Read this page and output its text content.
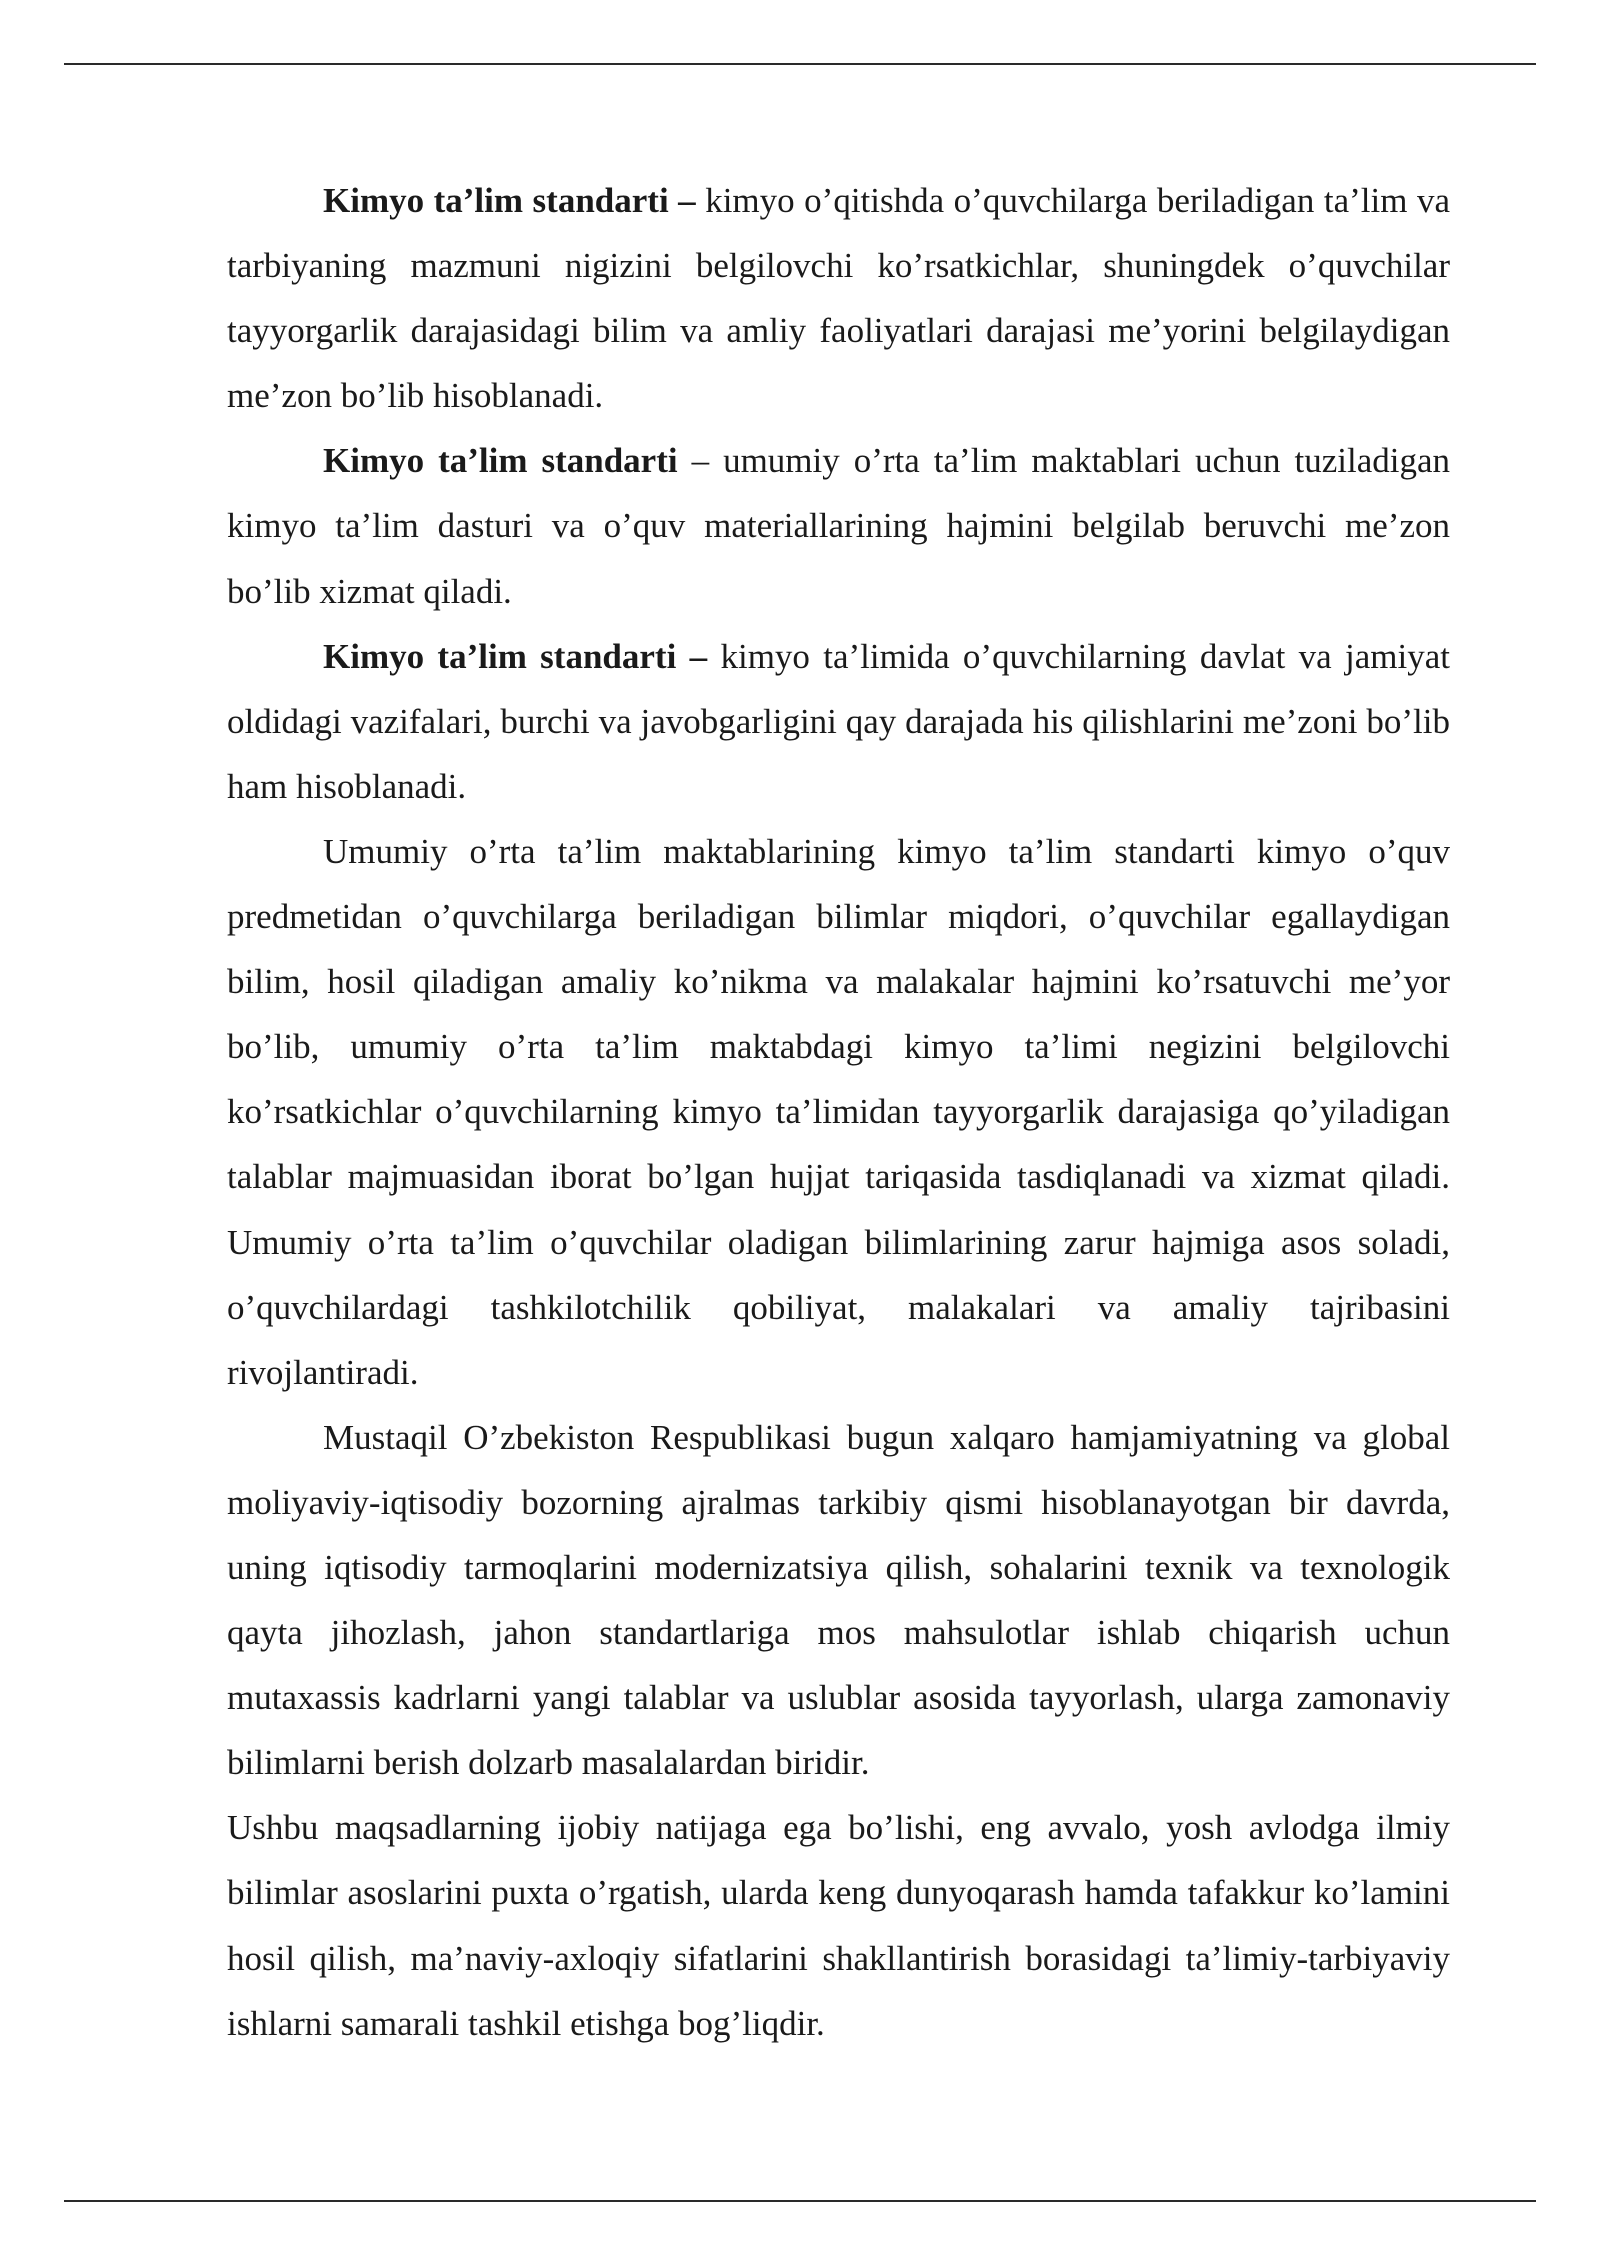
Kimyo ta’lim standarti – kimyo o’qitishda o’quvchilarga beriladigan ta’lim va tarbiyaning mazmuni nigizini belgilovchi ko’rsatkichlar, shuningdek o’quvchilar tayyorgarlik darajasidagi bilim va amliy faoliyatlari darajasi me’yorini belgilaydigan me’zon bo’lib hisoblanadi.

Kimyo ta’lim standarti – umumiy o’rta ta’lim maktablari uchun tuziladigan kimyo ta’lim dasturi va o’quv materiallarining hajmini belgilab beruvchi me’zon bo’lib xizmat qiladi.

Kimyo ta’lim standarti – kimyo ta’limida o’quvchilarning davlat va jamiyat oldidagi vazifalari, burchi va javobgarligini qay darajada his qilishlarini me’zoni bo’lib ham hisoblanadi.

Umumiy o’rta ta’lim maktablarining kimyo ta’lim standarti kimyo o’quv predmetidan o’quvchilarga beriladigan bilimlar miqdori, o’quvchilar egallaydigan bilim, hosil qiladigan amaliy ko’nikma va malakalar hajmini ko’rsatuvchi me’yor bo’lib, umumiy o’rta ta’lim maktabdagi kimyo ta’limi negizini belgilovchi ko’rsatkichlar o’quvchilarning kimyo ta’limidan tayyorgarlik darajasiga qo’yiladigan talablar majmuasidan iborat bo’lgan hujjat tariqasida tasdiqlanadi va xizmat qiladi. Umumiy o’rta ta’lim o’quvchilar oladigan bilimlarining zarur hajmiga asos soladi, o’quvchilardagi tashkilotchilik qobiliyat, malakalari va amaliy tajribasini rivojlantiradi.

Mustaqil O’zbekiston Respublikasi bugun xalqaro hamjamiyatning va global moliyaviy-iqtisodiy bozorning ajralmas tarkibiy qismi hisoblanayotgan bir davrda, uning iqtisodiy tarmoqlarini modernizatsiya qilish, sohalarini texnik va texnologik qayta jihozlash, jahon standartlariga mos mahsulotlar ishlab chiqarish uchun mutaxassis kadrlarni yangi talablar va uslublar asosida tayyorlash, ularga zamonaviy bilimlarni berish dolzarb masalalardan biridir.

Ushbu maqsadlarning ijobiy natijaga ega bo’lishi, eng avvalo, yosh avlodga ilmiy bilimlar asoslarini puxta o’rgatish, ularda keng dunyoqarash hamda tafakkur ko’lamini hosil qilish, ma’naviy-axloqiy sifatlarini shakllantirish borasidagi ta’limiy-tarbiyaviy ishlarni samarali tashkil etishga bog’liqdir.
